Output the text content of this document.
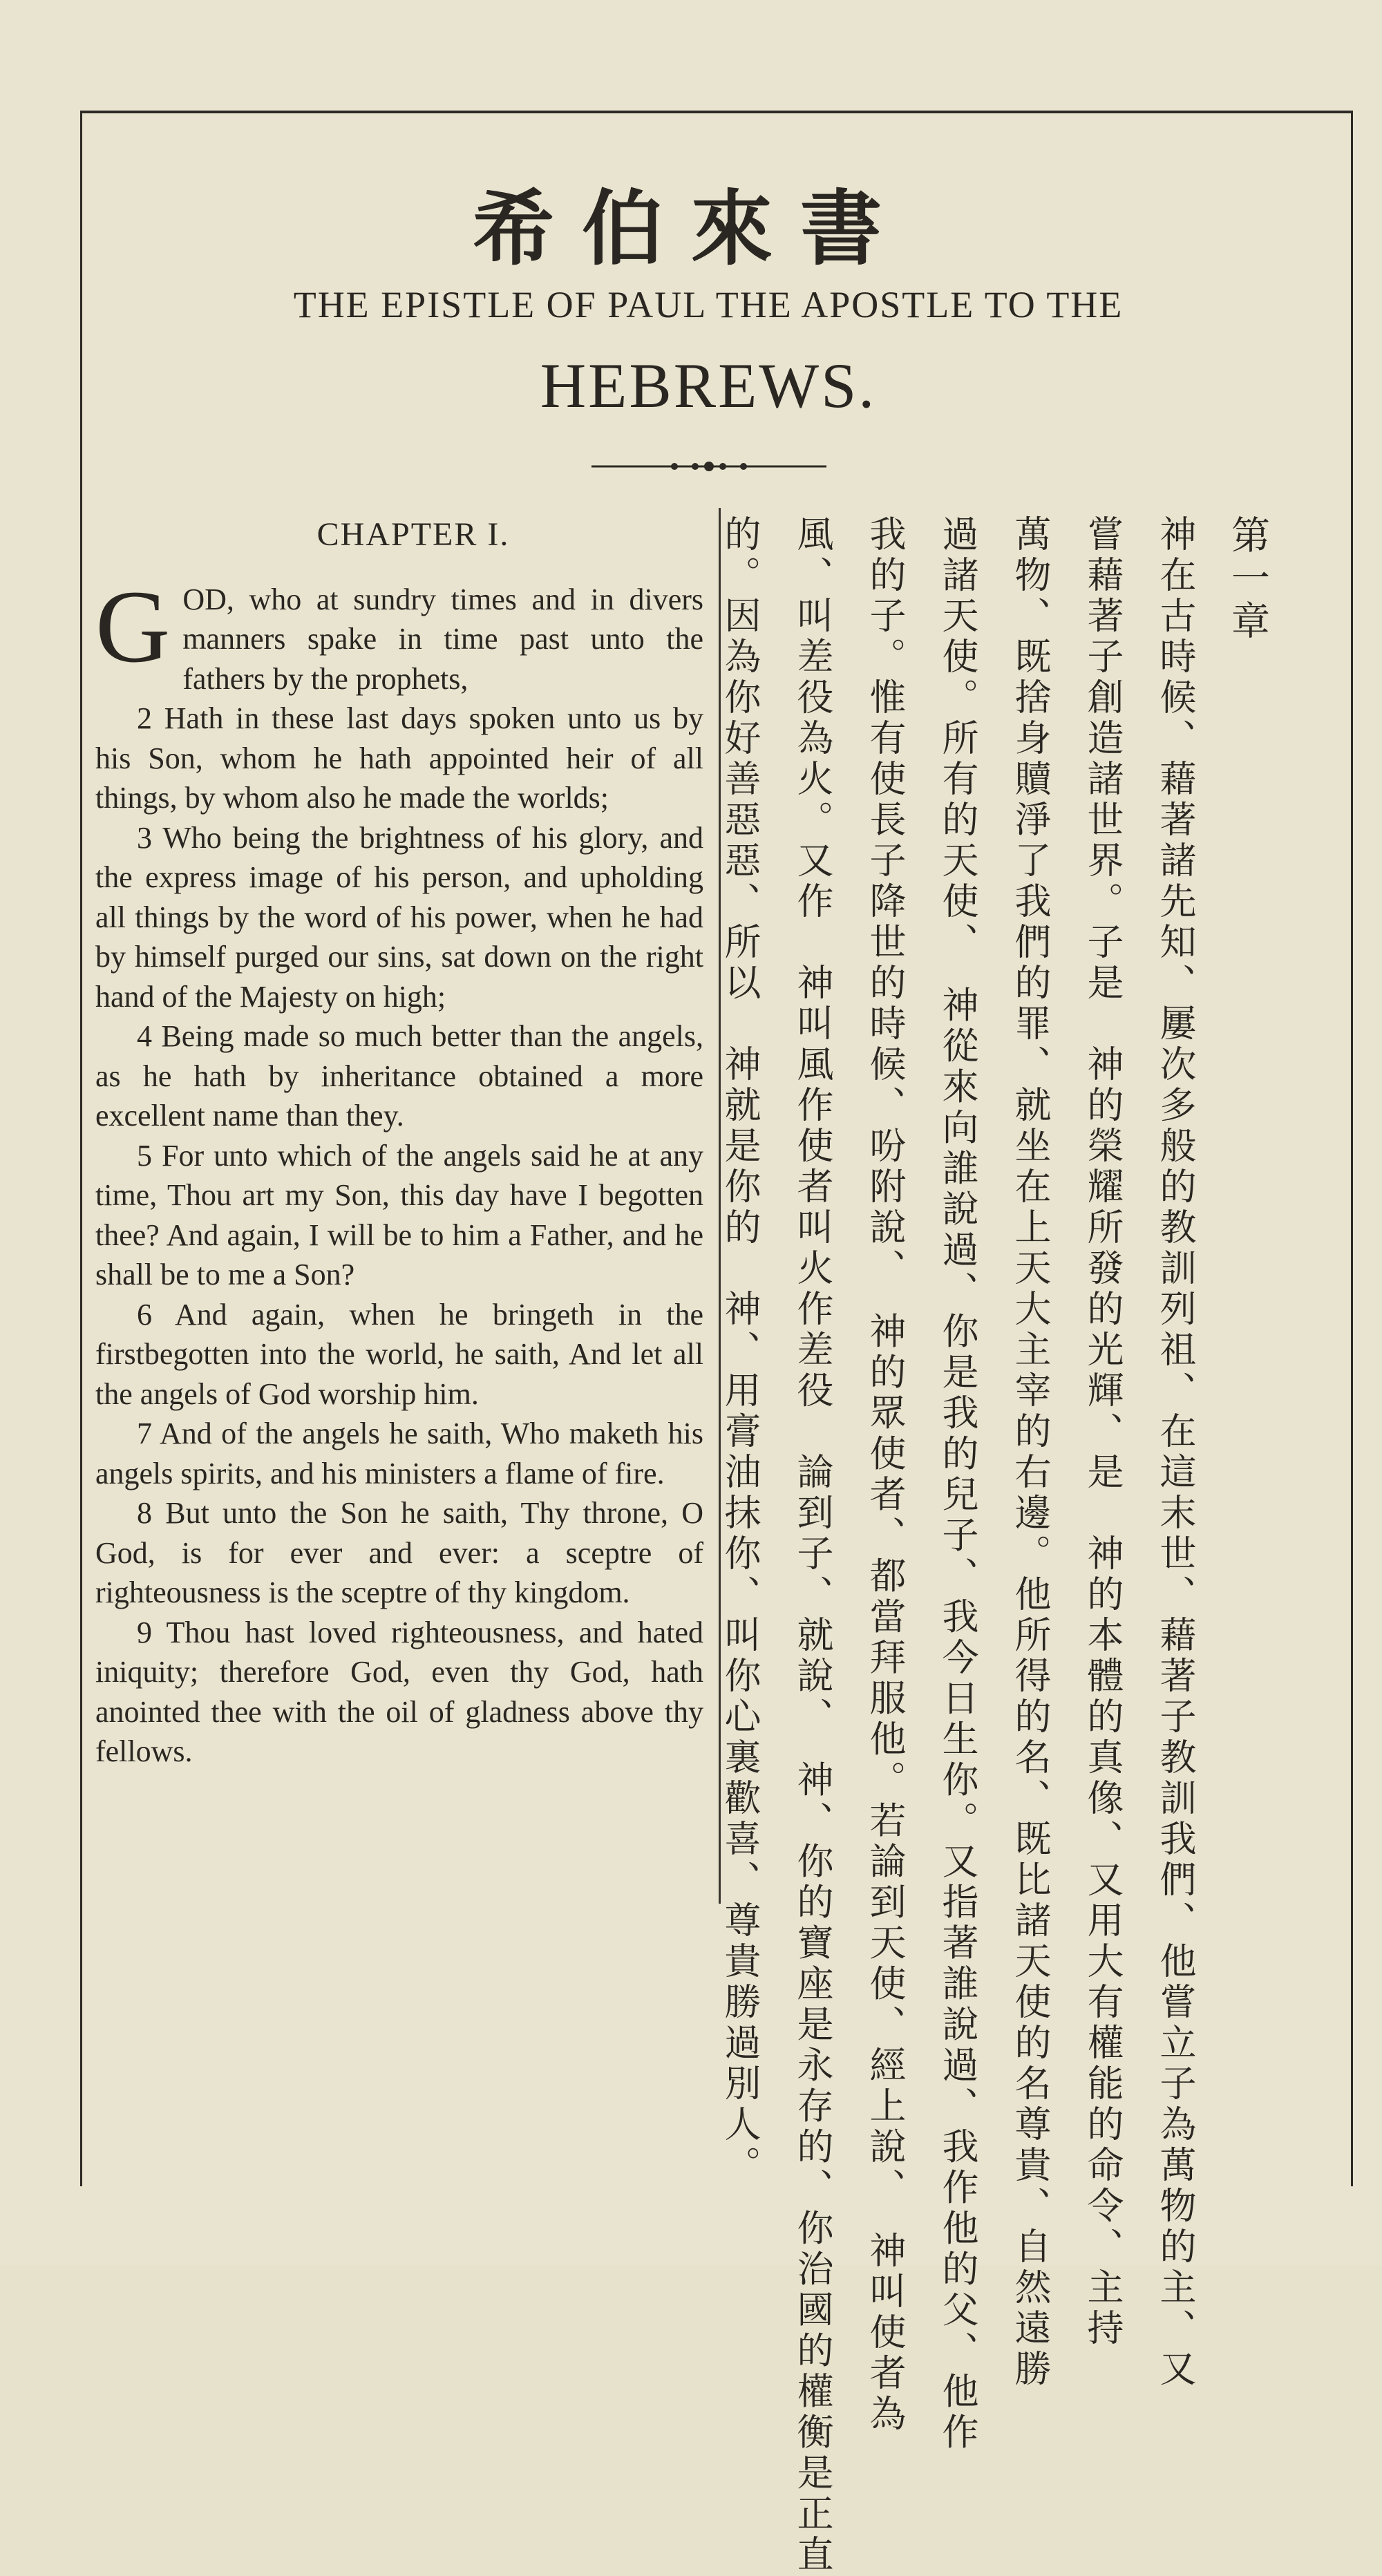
希伯來書
THE EPISTLE OF PAUL THE APOSTLE TO THE
HEBREWS.
CHAPTER I.

GOD, who at sundry times and in divers manners spake in time past unto the fathers by the prophets,

2 Hath in these last days spoken unto us by his Son, whom he hath appointed heir of all things, by whom also he made the worlds;

3 Who being the brightness of his glory, and the express image of his person, and upholding all things by the word of his power, when he had by himself purged our sins, sat down on the right hand of the Majesty on high;

4 Being made so much better than the angels, as he hath by inheritance obtained a more excellent name than they.

5 For unto which of the angels said he at any time, Thou art my Son, this day have I begotten thee? And again, I will be to him a Father, and he shall be to me a Son?

6 And again, when he bringeth in the firstbegotten into the world, he saith, And let all the angels of God worship him.

7 And of the angels he saith, Who maketh his angels spirits, and his ministers a flame of fire.

8 But unto the Son he saith, Thy throne, O God, is for ever and ever: a sceptre of righteousness is the sceptre of thy kingdom.

9 Thou hast loved righteousness, and hated iniquity; therefore God, even thy God, hath anointed thee with the oil of gladness above thy fellows.

第一章
神在古時候、藉著諸先知、屢次多般的教訓列祖、在這末世、藉著子教訓我們、他嘗立子為萬物的主、又
嘗藉著子創造諸世界。子是　神的榮耀所發的光輝、是　神的本體的真像、又用大有權能的命令、主持
萬物、既捨身贖淨了我們的罪、就坐在上天大主宰的右邊。他所得的名、既比諸天使的名尊貴、自然遠勝
過諸天使。所有的天使、　神從來向誰說過、你是我的兒子、我今日生你。又指著誰說過、我作他的父、他作
我的子。惟有使長子降世的時候、吩附說、　神的眾使者、都當拜服他。若論到天使、經上說、　神叫使者為
風、叫差役為火。又作　神叫風作使者叫火作差役　論到子、就說、　神、你的寶座是永存的、你治國的權衡是正直
的。因為你好善惡惡、所以　神就是你的　神、用膏油抹你、叫你心裏歡喜、尊貴勝過別人。
